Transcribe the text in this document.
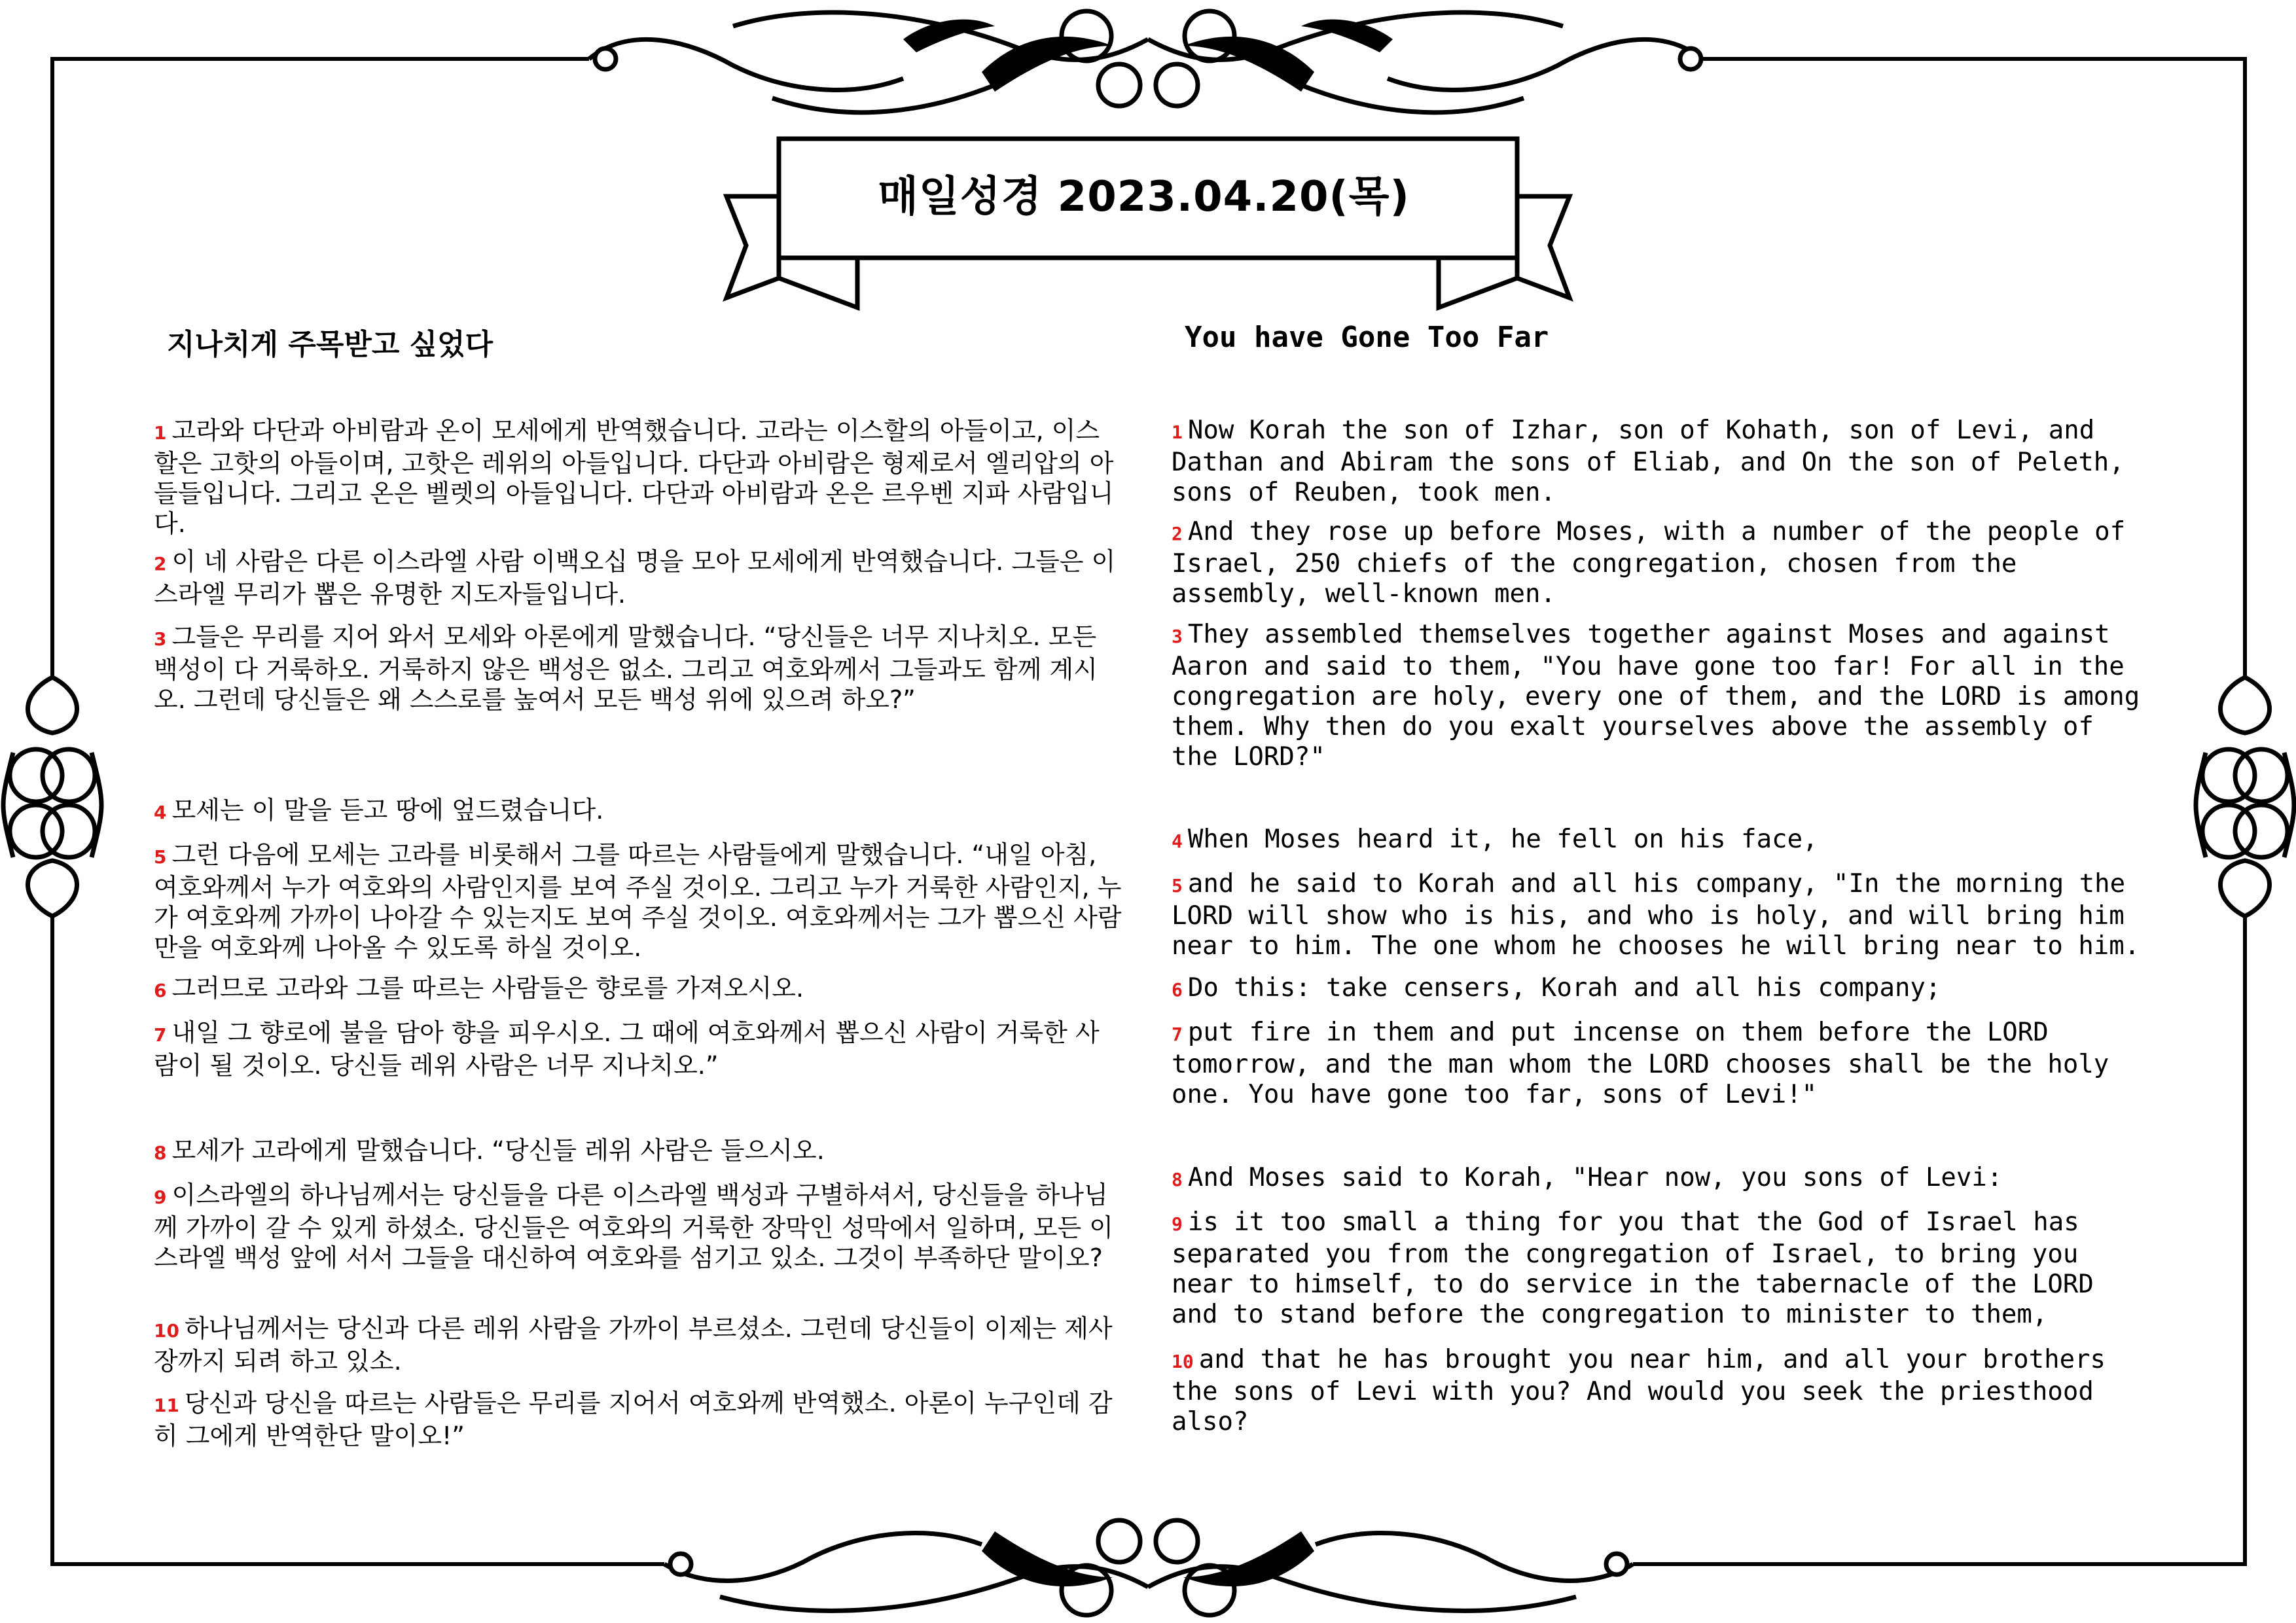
매일성경 2023.04.20(목)
지나치게 주목받고 싶었다	You have Gone Too Far

1 고라와 다단과 아비람과 온이 모세에게 반역했습니다. 고라는 이스할의 아들이고, 이스할은 고핫의 아들이며, 고핫은 레위의 아들입니다. 다단과 아비람은 형제로서 엘리압의 아들들입니다. 그리고 온은 벨렛의 아들입니다. 다단과 아비람과 온은 르우벤 지파 사람입니다.

2 이 네 사람은 다른 이스라엘 사람 이백오십 명을 모아 모세에게 반역했습니다. 그들은 이스라엘 무리가 뽑은 유명한 지도자들입니다.

3 그들은 무리를 지어 와서 모세와 아론에게 말했습니다. “당신들은 너무 지나치오. 모든 백성이 다 거룩하오. 거룩하지 않은 백성은 없소. 그리고 여호와께서 그들과도 함께 계시오. 그런데 당신들은 왜 스스로를 높여서 모든 백성 위에 있으려 하오?”

4 모세는 이 말을 듣고 땅에 엎드렸습니다.

5 그런 다음에 모세는 고라를 비롯해서 그를 따르는 사람들에게 말했습니다. “내일 아침, 여호와께서 누가 여호와의 사람인지를 보여 주실 것이오. 그리고 누가 거룩한 사람인지, 누가 여호와께 가까이 나아갈 수 있는지도 보여 주실 것이오. 여호와께서는 그가 뽑으신 사람만을 여호와께 나아올 수 있도록 하실 것이오.

6 그러므로 고라와 그를 따르는 사람들은 향로를 가져오시오.

7 내일 그 향로에 불을 담아 향을 피우시오. 그 때에 여호와께서 뽑으신 사람이 거룩한 사람이 될 것이오. 당신들 레위 사람은 너무 지나치오.”

8 모세가 고라에게 말했습니다. “당신들 레위 사람은 들으시오.

9 이스라엘의 하나님께서는 당신들을 다른 이스라엘 백성과 구별하셔서, 당신들을 하나님께 가까이 갈 수 있게 하셨소. 당신들은 여호와의 거룩한 장막인 성막에서 일하며, 모든 이스라엘 백성 앞에 서서 그들을 대신하여 여호와를 섬기고 있소. 그것이 부족하단 말이오?

10 하나님께서는 당신과 다른 레위 사람을 가까이 부르셨소. 그런데 당신들이 이제는 제사장까지 되려 하고 있소.

11 당신과 당신을 따르는 사람들은 무리를 지어서 여호와께 반역했소. 아론이 누구인데 감히 그에게 반역한단 말이오!”

1 Now Korah the son of Izhar, son of Kohath, son of Levi, and Dathan and Abiram the sons of Eliab, and On the son of Peleth, sons of Reuben, took men.

2 And they rose up before Moses, with a number of the people of Israel, 250 chiefs of the congregation, chosen from the assembly, well-known men.

3 They assembled themselves together against Moses and against Aaron and said to them, "You have gone too far! For all in the congregation are holy, every one of them, and the LORD is among them. Why then do you exalt yourselves above the assembly of the LORD?"

4 When Moses heard it, he fell on his face,

5 and he said to Korah and all his company, "In the morning the LORD will show who is his, and who is holy, and will bring him near to him. The one whom he chooses he will bring near to him.

6 Do this: take censers, Korah and all his company;

7 put fire in them and put incense on them before the LORD tomorrow, and the man whom the LORD chooses shall be the holy one. You have gone too far, sons of Levi!"

8 And Moses said to Korah, "Hear now, you sons of Levi:

9 is it too small a thing for you that the God of Israel has separated you from the congregation of Israel, to bring you near to himself, to do service in the tabernacle of the LORD and to stand before the congregation to minister to them,

10 and that he has brought you near him, and all your brothers the sons of Levi with you? And would you seek the priesthood also?
